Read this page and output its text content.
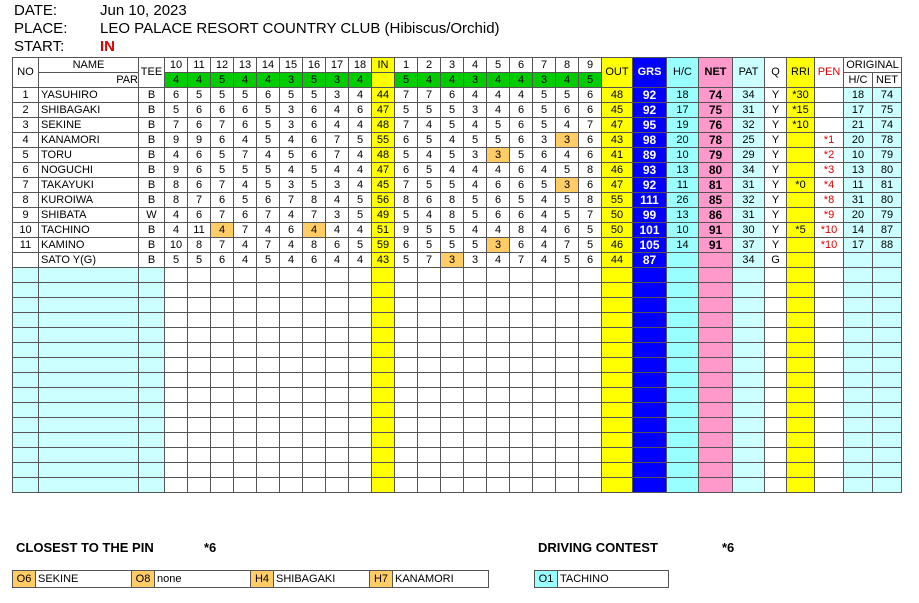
DATE:	Jun 10, 2023
PLACE:	LEO PALACE RESORT COUNTRY CLUB (Hibiscus/Orchid)
START:	IN
NO	NAME	TEE	10	11	12	13	14	15	16	17	18	IN	1	2	3	4	5	6	7	8	9	OUT	GRS	H/C	NET	PAT	Q	RRI	PEN	ORIGINAL	
	PAR		4	4	5	4	4	3	5	3	4		5	4	4	3	4	4	3	4	5									H/C	NET
1	YASUHIRO	B	6	5	5	5	6	5	5	3	4	44	7	7	6	4	4	4	5	5	6	48	92	18	74	34	Y	*30		18	74
2	SHIBAGAKI	B	5	6	6	6	5	3	6	4	6	47	5	5	5	3	4	6	5	6	6	45	92	17	75	31	Y	*15		17	75
3	SEKINE	B	7	6	7	6	5	3	6	4	4	48	7	4	5	4	5	6	5	4	7	47	95	19	76	32	Y	*10		21	74
4	KANAMORI	B	9	9	6	4	5	4	6	7	5	55	6	5	4	5	5	6	3	3	6	43	98	20	78	25	Y		*1	20	78
5	TORU	B	4	6	5	7	4	5	6	7	4	48	5	4	5	3	3	5	6	4	6	41	89	10	79	29	Y		*2	10	79
6	NOGUCHI	B	9	6	5	5	5	4	5	4	4	47	6	5	4	4	4	6	4	5	8	46	93	13	80	34	Y		*3	13	80
7	TAKAYUKI	B	8	6	7	4	5	3	5	3	4	45	7	5	5	4	6	6	5	3	6	47	92	11	81	31	Y	*0	*4	11	81
8	KUROIWA	B	8	7	6	5	6	7	8	4	5	56	8	6	8	5	6	5	4	5	8	55	111	26	85	32	Y		*8	31	80
9	SHIBATA	W	4	6	7	6	7	4	7	3	5	49	5	4	8	5	6	6	4	5	7	50	99	13	86	31	Y		*9	20	79
10	TACHINO	B	4	11	4	7	4	6	4	4	4	51	9	5	5	4	4	8	4	6	5	50	101	10	91	30	Y	*5	*10	14	87
11	KAMINO	B	10	8	7	4	7	4	8	6	5	59	6	5	5	5	3	6	4	7	5	46	105	14	91	37	Y		*10	17	88
	SATO Y(G)	B	5	5	6	4	5	4	6	4	4	43	5	7	3	3	4	7	4	5	6	44	87			34	G				

CLOSEST TO THE PIN	*6	DRIVING CONTEST	*6
O6 SEKINE	O8 none	H4 SHIBAGAKI	H7 KANAMORI	O1 TACHINO
